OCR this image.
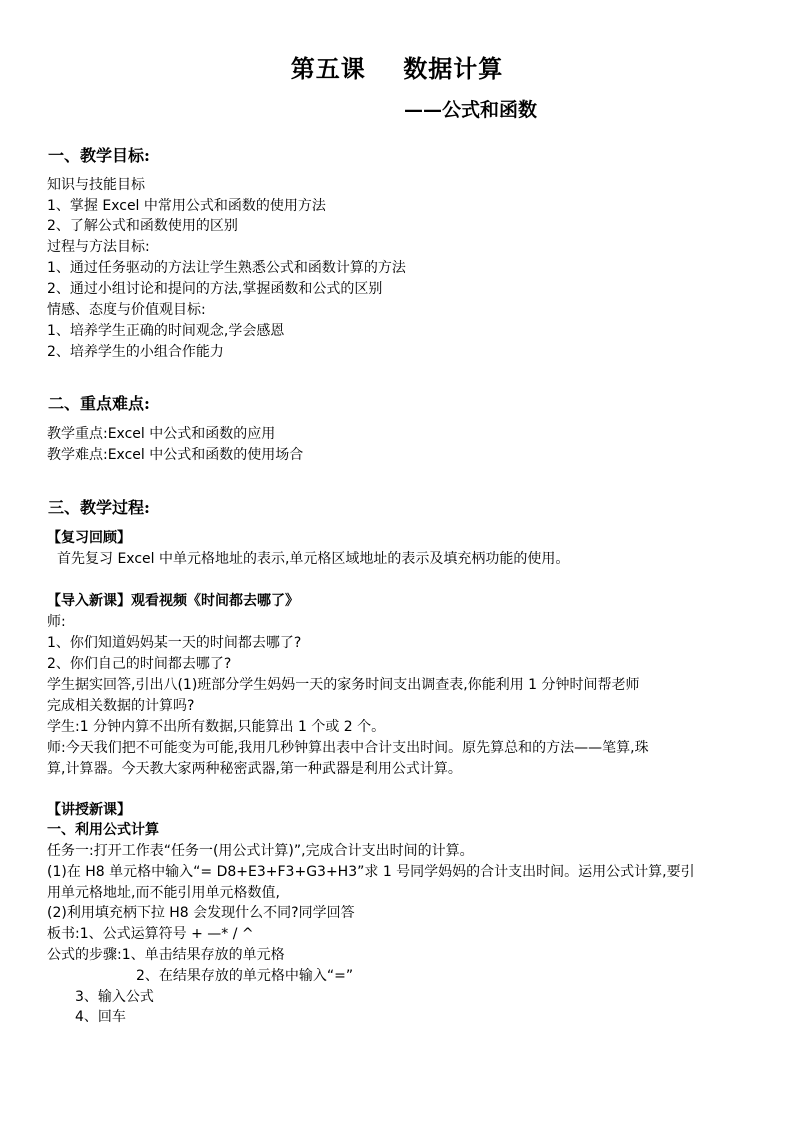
第五课    数据计算
——公式和函数
一、教学目标:
知识与技能目标
1、掌握 Excel 中常用公式和函数的使用方法
2、了解公式和函数使用的区别
过程与方法目标:
1、通过任务驱动的方法让学生熟悉公式和函数计算的方法
2、通过小组讨论和提问的方法,掌握函数和公式的区别
情感、态度与价值观目标:
1、培养学生正确的时间观念,学会感恩
2、培养学生的小组合作能力
二、重点难点:
教学重点:Excel 中公式和函数的应用
教学难点:Excel 中公式和函数的使用场合
三、教学过程:
【复习回顾】
首先复习 Excel 中单元格地址的表示,单元格区域地址的表示及填充柄功能的使用。
【导入新课】观看视频《时间都去哪了》
师:
1、你们知道妈妈某一天的时间都去哪了?
2、你们自己的时间都去哪了?
学生据实回答,引出八(1)班部分学生妈妈一天的家务时间支出调查表,你能利用 1 分钟时间帮老师
完成相关数据的计算吗?
学生:1 分钟内算不出所有数据,只能算出 1 个或 2 个。
师:今天我们把不可能变为可能,我用几秒钟算出表中合计支出时间。原先算总和的方法——笔算,珠
算,计算器。今天教大家两种秘密武器,第一种武器是利用公式计算。
【讲授新课】
一、利用公式计算
任务一:打开工作表“任务一(用公式计算)”,完成合计支出时间的计算。
(1)在 H8 单元格中输入“= D8+E3+F3+G3+H3”求 1 号同学妈妈的合计支出时间。运用公式计算,要引
用单元格地址,而不能引用单元格数值,
(2)利用填充柄下拉 H8 会发现什么不同?同学回答
板书:1、公式运算符号 + —* / ^
公式的步骤:1、单击结果存放的单元格
2、在结果存放的单元格中输入“=”
3、输入公式
4、回车
